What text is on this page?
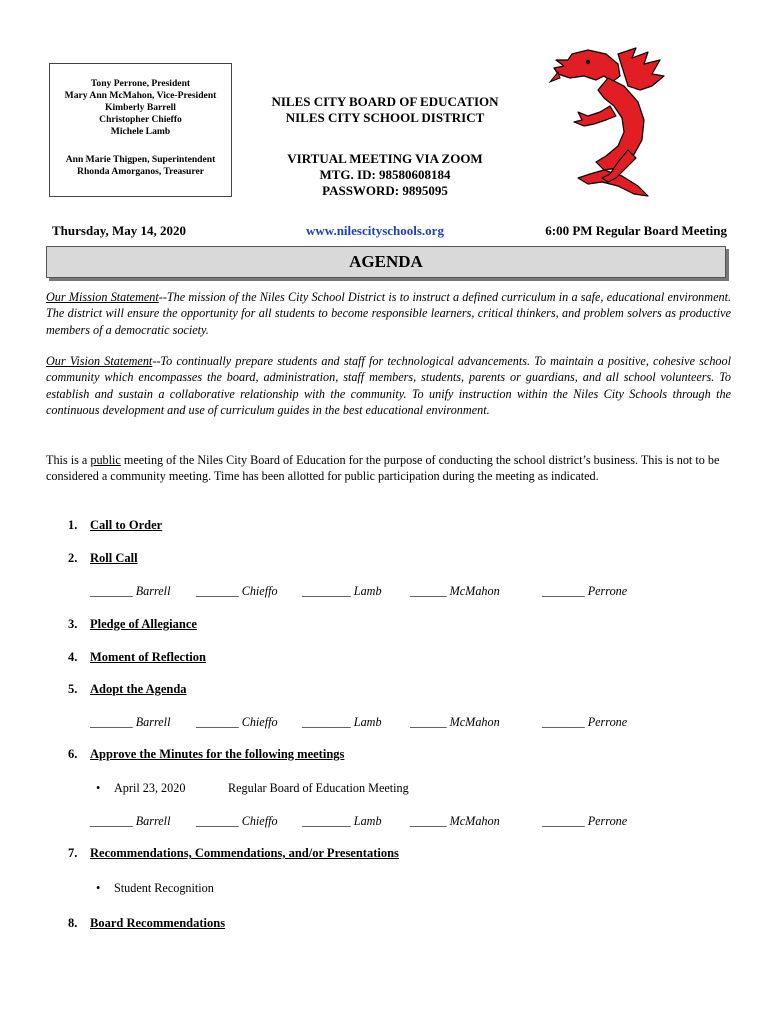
Tony Perrone, President
Mary Ann McMahon, Vice-President
Kimberly Barrell
Christopher Chieffo
Michele Lamb
Ann Marie Thigpen, Superintendent
Rhonda Amorganos, Treasurer
NILES CITY BOARD OF EDUCATION
NILES CITY SCHOOL DISTRICT
VIRTUAL MEETING VIA ZOOM
MTG. ID: 98580608184
PASSWORD: 9895095
Thursday, May 14, 2020	www.nilescityschools.org	6:00 PM Regular Board Meeting
AGENDA
Our Mission Statement--The mission of the Niles City School District is to instruct a defined curriculum in a safe, educational environment. The district will ensure the opportunity for all students to become responsible learners, critical thinkers, and problem solvers as productive members of a democratic society.
Our Vision Statement--To continually prepare students and staff for technological advancements. To maintain a positive, cohesive school community which encompasses the board, administration, staff members, students, parents or guardians, and all school volunteers. To establish and sustain a collaborative relationship with the community. To unify instruction within the Niles City Schools through the continuous development and use of curriculum guides in the best educational environment.
This is a public meeting of the Niles City Board of Education for the purpose of conducting the school district’s business. This is not to be considered a community meeting. Time has been allotted for public participation during the meeting as indicated.
1. Call to Order
2. Roll Call
_______ Barrell _______ Chieffo ________ Lamb ______ McMahon	_______ Perrone
3. Pledge of Allegiance
4. Moment of Reflection
5. Adopt the Agenda
_______ Barrell _______ Chieffo ________ Lamb ______ McMahon	_______ Perrone
6. Approve the Minutes for the following meetings
• April 23, 2020	Regular Board of Education Meeting
_______ Barrell _______ Chieffo ________ Lamb ______ McMahon	_______ Perrone
7. Recommendations, Commendations, and/or Presentations
• Student Recognition
8. Board Recommendations
